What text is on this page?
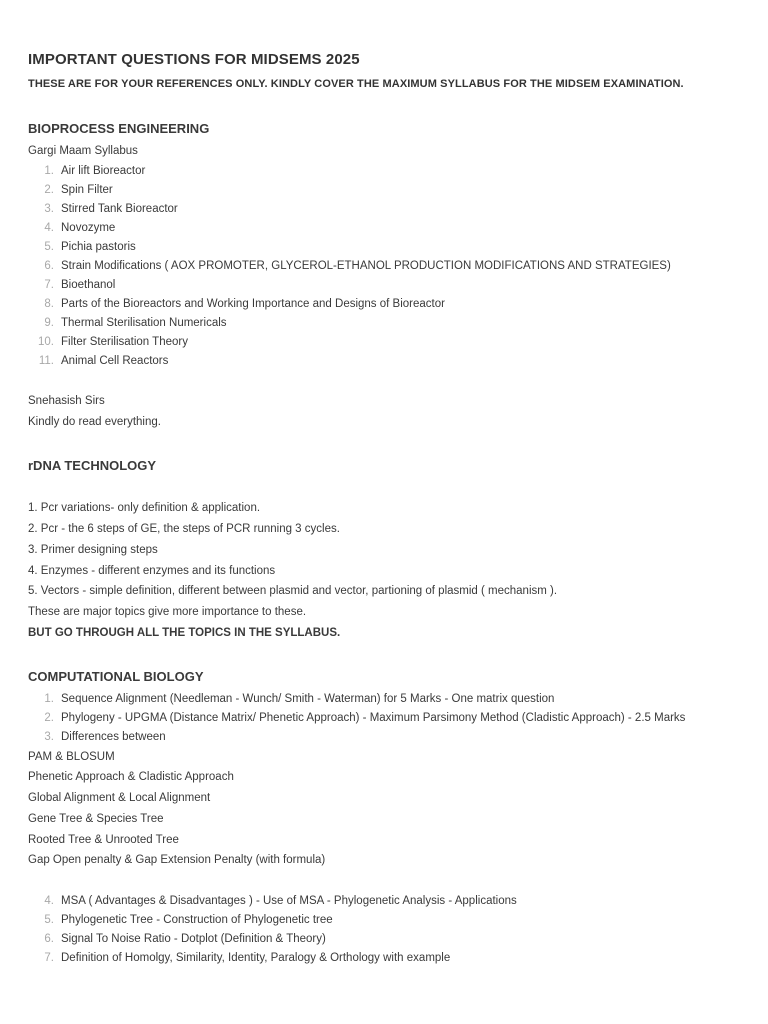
IMPORTANT QUESTIONS FOR MIDSEMS 2025

THESE ARE FOR YOUR REFERENCES ONLY. KINDLY COVER THE MAXIMUM SYLLABUS FOR THE MIDSEM EXAMINATION.

BIOPROCESS ENGINEERING

Gargi Maam Syllabus

1. Air lift Bioreactor
2. Spin Filter
3. Stirred Tank Bioreactor
4. Novozyme
5. Pichia pastoris
6. Strain Modifications ( AOX PROMOTER, GLYCEROL-ETHANOL PRODUCTION MODIFICATIONS AND STRATEGIES)
7. Bioethanol
8. Parts of the Bioreactors and Working Importance and Designs of Bioreactor
9. Thermal Sterilisation Numericals
10. Filter Sterilisation Theory
11. Animal Cell Reactors

Snehasish Sirs

Kindly do read everything.

rDNA TECHNOLOGY

1. Pcr variations- only definition & application.

2. Pcr - the 6 steps of GE, the steps of PCR running 3 cycles.

3. Primer designing steps

4. Enzymes - different enzymes and its functions

5. Vectors - simple definition, different between plasmid and vector, partioning of plasmid ( mechanism ).

These are major topics give more importance to these.

BUT GO THROUGH ALL THE TOPICS IN THE SYLLABUS.

COMPUTATIONAL BIOLOGY
1. Sequence Alignment (Needleman - Wunch/ Smith - Waterman) for 5 Marks - One matrix question
2. Phylogeny - UPGMA (Distance Matrix/ Phenetic Approach) - Maximum Parsimony Method (Cladistic Approach) - 2.5 Marks
3. Differences between

PAM & BLOSUM

Phenetic Approach & Cladistic Approach

Global Alignment & Local Alignment

Gene Tree & Species Tree

Rooted Tree & Unrooted Tree

Gap Open penalty & Gap Extension Penalty (with formula)

4. MSA ( Advantages & Disadvantages ) - Use of MSA - Phylogenetic Analysis - Applications
5. Phylogenetic Tree - Construction of Phylogenetic tree
6. Signal To Noise Ratio - Dotplot (Definition & Theory)
7. Definition of Homolgy, Similarity, Identity, Paralogy & Orthology with example
